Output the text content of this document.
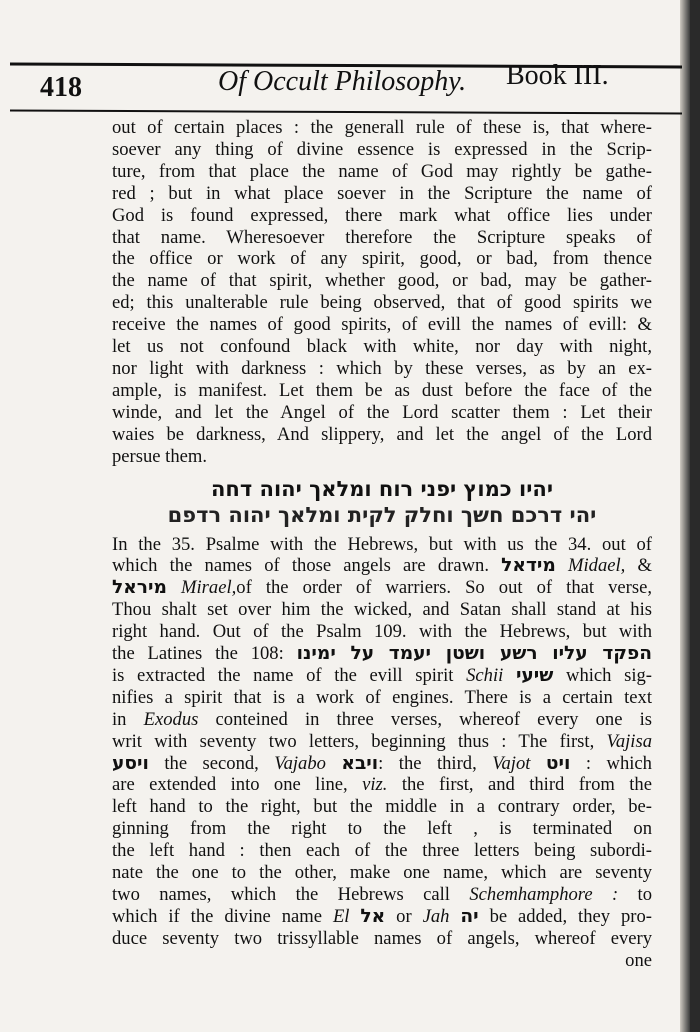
418	Of Occult Philosophy. Book III.
out of certain places : the generall rule of these is, that where-
soever any thing of divine essence is expressed in the Scrip-
ture, from that place the name of God may rightly be gathe-
red ; but in what place soever in the Scripture the name of
God is found expressed, there mark what office lies under
that name. Wheresoever therefore the Scripture speaks of
the office or work of any spirit, good, or bad, from thence
the name of that spirit, whether good, or bad, may be gather-
ed; this unalterable rule being observed, that of good spirits we
receive the names of good spirits, of evill the names of evill: &
let us not confound black with white, nor day with night,
nor light with darkness : which by these verses, as by an ex-
ample, is manifest. Let them be as dust before the face of the
winde, and let the Angel of the Lord scatter them : Let their
waies be darkness, And slippery, and let the angel of the Lord
persue them.
יהיו כמוץ יפני רוח ומלאך יהוה דחה
יהי דרכם חשך וחלק לקית ומלאך יהוה רדפם
In the 35. Psalme with the Hebrews, but with us the 34. out of
which the names of those angels are drawn. מידאל Midael, &
מיראל Mirael,of the order of warriers. So out of that verse,
Thou shalt set over him the wicked, and Satan shall stand at his
right hand. Out of the Psalm 109. with the Hebrews, but with
the Latines the 108: הפקד עליו רשע ושטן יעמד על ימינו
is extracted the name of the evill spirit Schii שיעי which sig-
nifies a spirit that is a work of engines. There is a certain text
in Exodus conteined in three verses, whereof every one is
writ with seventy two letters, beginning thus : The first, Vajisa
ויסע the second, Vajabo ויבא: the third, Vajot ויט : which
are extended into one line, viz. the first, and third from the
left hand to the right, but the middle in a contrary order, be-
ginning from the right to the left , is terminated on
the left hand : then each of the three letters being subordi-
nate the one to the other, make one name, which are seventy
two names, which the Hebrews call Schemhamphore : to
which if the divine name El אל or Jah יה be added, they pro-
duce seventy two trissyllable names of angels, whereof every
one
